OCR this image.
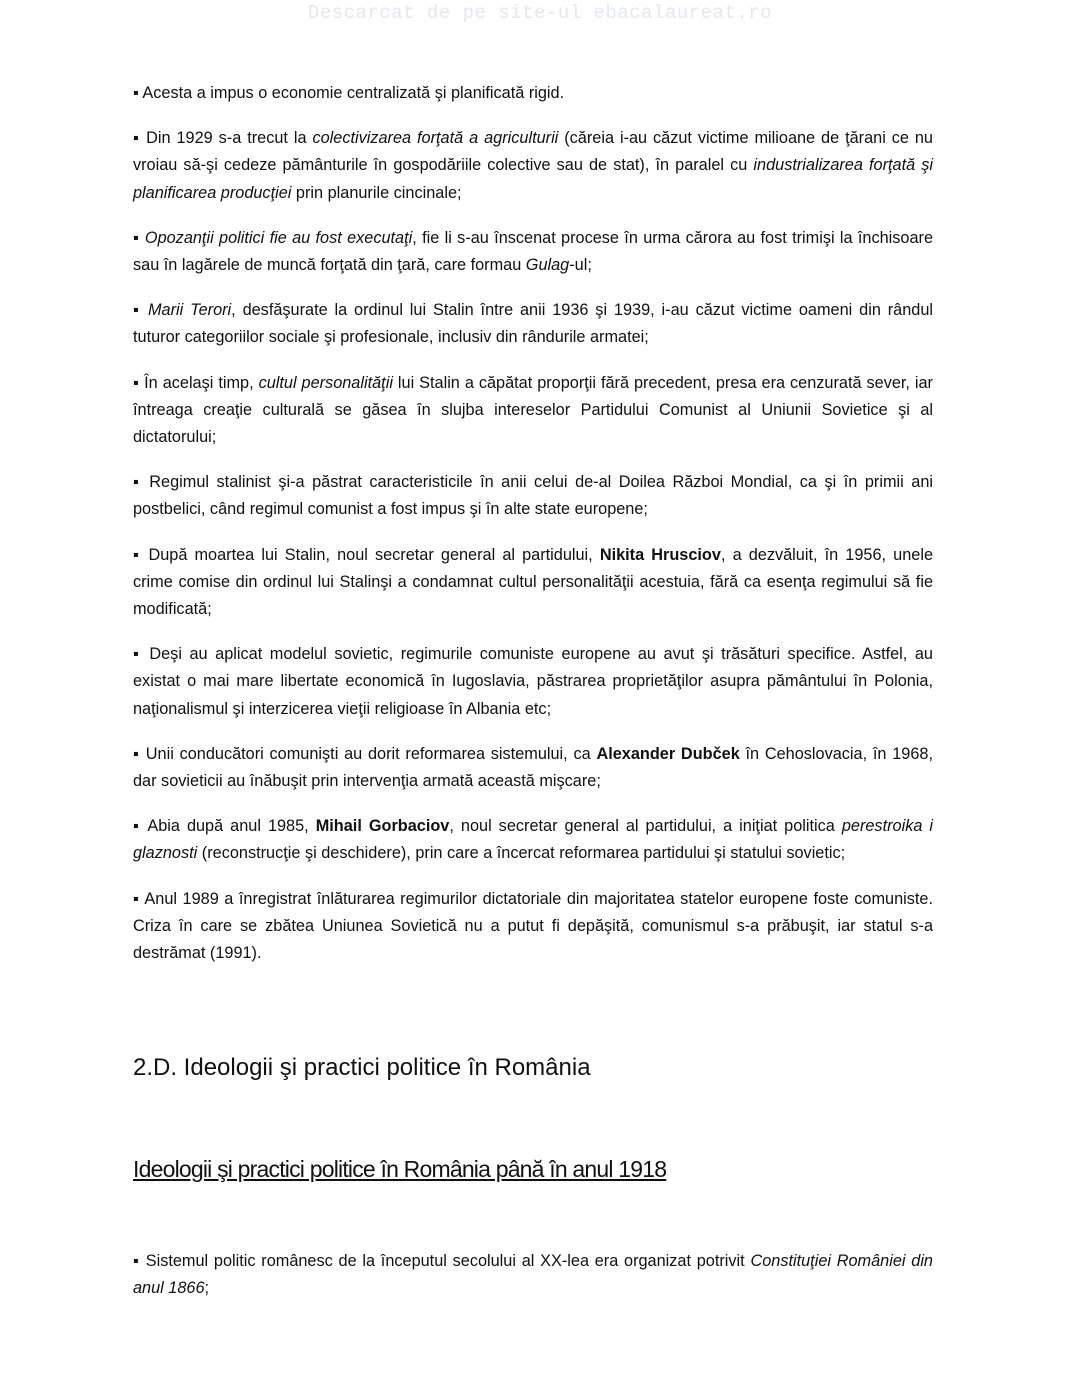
Descarcat de pe site-ul ebacalaureat.ro

▪ Acesta a impus o economie centralizată şi planificată rigid.

▪ Din 1929 s-a trecut la colectivizarea forţată a agriculturii (căreia i-au căzut victime milioane de ţărani ce nu vroiau să-şi cedeze pământurile în gospodăriile colective sau de stat), în paralel cu industrializarea forţată şi planificarea producţiei prin planurile cincinale;

▪ Opozanţii politici fie au fost executaţi, fie li s-au înscenat procese în urma cărora au fost trimişi la închisoare sau în lagărele de muncă forţată din ţară, care formau Gulag-ul;

▪ Marii Terori, desfăşurate la ordinul lui Stalin între anii 1936 şi 1939, i-au căzut victime oameni din rândul tuturor categoriilor sociale şi profesionale, inclusiv din rândurile armatei;

▪ În acelaşi timp, cultul personalităţii lui Stalin a căpătat proporţii fără precedent, presa era cenzurată sever, iar întreaga creaţie culturală se găsea în slujba intereselor Partidului Comunist al Uniunii Sovietice şi al dictatorului;

▪ Regimul stalinist şi-a păstrat caracteristicile în anii celui de-al Doilea Război Mondial, ca şi în primii ani postbelici, când regimul comunist a fost impus şi în alte state europene;

▪ După moartea lui Stalin, noul secretar general al partidului, Nikita Hrusciov, a dezvăluit, în 1956, unele crime comise din ordinul lui Stalinşi a condamnat cultul personalităţii acestuia, fără ca esenţa regimului să fie modificată;

▪ Deşi au aplicat modelul sovietic, regimurile comuniste europene au avut şi trăsături specifice. Astfel, au existat o mai mare libertate economică în Iugoslavia, păstrarea proprietăţilor asupra pământului în Polonia, naţionalismul şi interzicerea vieţii religioase în Albania etc;

▪ Unii conducători comunişti au dorit reformarea sistemului, ca Alexander Dubček în Cehoslovacia, în 1968, dar sovieticii au înăbuşit prin intervenţia armată această mişcare;

▪ Abia după anul 1985, Mihail Gorbaciov, noul secretar general al partidului, a iniţiat politica perestroika i glaznosti (reconstrucţie şi deschidere), prin care a încercat reformarea partidului şi statului sovietic;

▪ Anul 1989 a înregistrat înlăturarea regimurilor dictatoriale din majoritatea statelor europene foste comuniste. Criza în care se zbătea Uniunea Sovietică nu a putut fi depăşită, comunismul s-a prăbuşit, iar statul s-a destrămat (1991).

2.D. Ideologii şi practici politice în România
Ideologii şi practici politice în România până în anul 1918

▪ Sistemul politic românesc de la începutul secolului al XX-lea era organizat potrivit Constituţiei României din anul 1866;
